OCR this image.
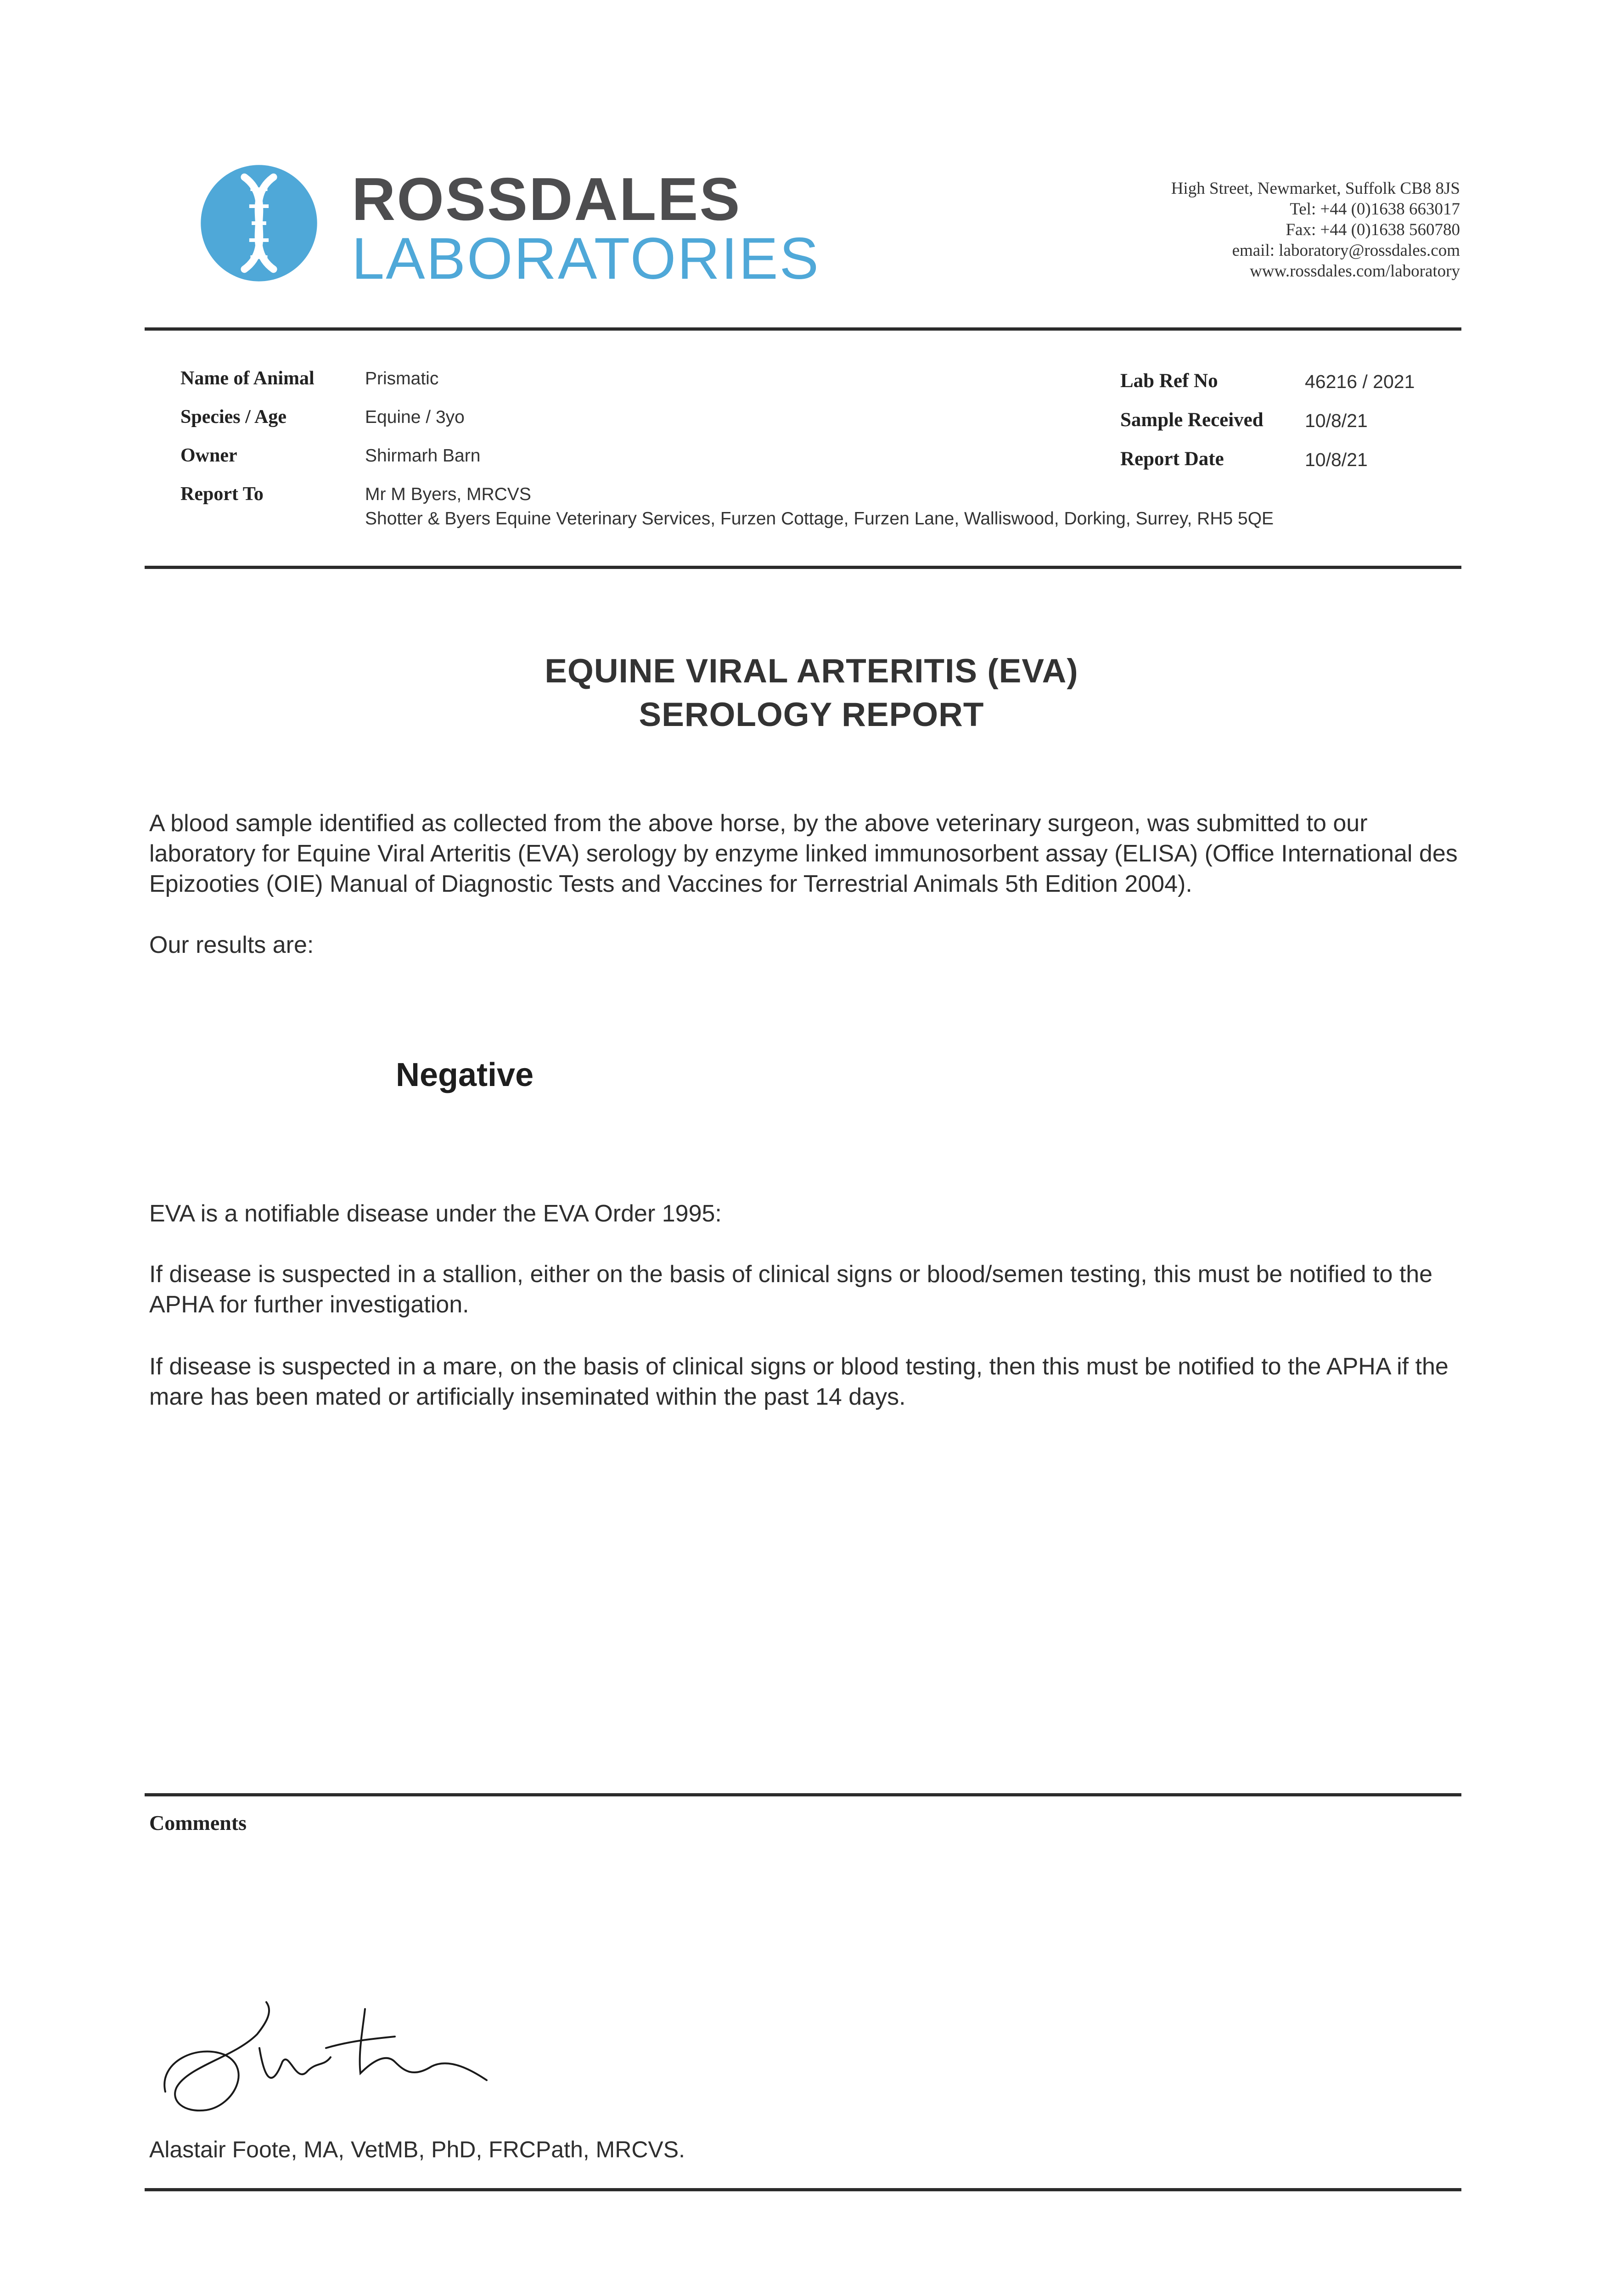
ROSSDALES
LABORATORIES
High Street, Newmarket, Suffolk CB8 8JS
Tel: +44 (0)1638 663017
Fax: +44 (0)1638 560780
email: laboratory@rossdales.com
www.rossdales.com/laboratory
Name of Animal	Prismatic
Species / Age	Equine / 3yo
Owner	Shirmarh Barn
Report To	Mr M Byers, MRCVS
Shotter & Byers Equine Veterinary Services, Furzen Cottage, Furzen Lane, Walliswood, Dorking, Surrey, RH5 5QE
Lab Ref No	46216 / 2021
Sample Received 10/8/21
Report Date	10/8/21
EQUINE VIRAL ARTERITIS (EVA)
SEROLOGY REPORT
A blood sample identified as collected from the above horse, by the above veterinary surgeon, was submitted to our laboratory for Equine Viral Arteritis (EVA) serology by enzyme linked immunosorbent assay (ELISA) (Office International des Epizooties (OIE) Manual of Diagnostic Tests and Vaccines for Terrestrial Animals 5th Edition 2004).
Our results are:
Negative
EVA is a notifiable disease under the EVA Order 1995:
If disease is suspected in a stallion, either on the basis of clinical signs or blood/semen testing, this must be notified to the APHA for further investigation.
If disease is suspected in a mare, on the basis of clinical signs or blood testing, then this must be notified to the APHA if the mare has been mated or artificially inseminated within the past 14 days.
Comments
Alastair Foote, MA, VetMB, PhD, FRCPath, MRCVS.
